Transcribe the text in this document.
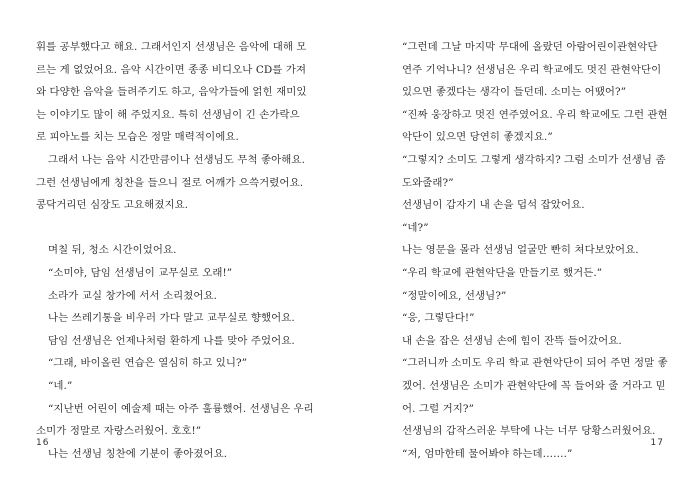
휘를 공부했다고 해요. 그래서인지 선생님은 음악에 대해 모
르는 게 없었어요. 음악 시간이면 종종 비디오나 CD를 가져
와 다양한 음악을 들려주기도 하고, 음악가들에 얽힌 재미있
는 이야기도 많이 해 주었지요. 특히 선생님이 긴 손가락으
로 피아노를 치는 모습은 정말 매력적이에요.
그래서 나는 음악 시간만큼이나 선생님도 무척 좋아해요.
그런 선생님에게 칭찬을 들으니 절로 어깨가 으쓱거렸어요.
콩닥거리던 심장도 고요해졌지요.
며칠 뒤, 청소 시간이었어요.
“소미야, 담임 선생님이 교무실로 오래!”
소라가 교실 창가에 서서 소리쳤어요.
나는 쓰레기통을 비우러 가다 말고 교무실로 향했어요.
담임 선생님은 언제나처럼 환하게 나를 맞아 주었어요.
“그래, 바이올린 연습은 열심히 하고 있니?”
“네.”
“지난번 어린이 예술제 때는 아주 훌륭했어. 선생님은 우리
소미가 정말로 자랑스러웠어. 호호!”
나는 선생님 칭찬에 기분이 좋아졌어요.
16
“그런데 그날 마지막 무대에 올랐던 아람어린이관현악단
연주 기억나니? 선생님은 우리 학교에도 멋진 관현악단이
있으면 좋겠다는 생각이 들던데. 소미는 어땠어?”
“진짜 웅장하고 멋진 연주였어요. 우리 학교에도 그런 관현
악단이 있으면 당연히 좋겠지요.”
“그렇지? 소미도 그렇게 생각하지? 그럼 소미가 선생님 좀
도와줄래?”
선생님이 갑자기 내 손을 덥석 잡았어요.
“네?”
나는 영문을 몰라 선생님 얼굴만 빤히 쳐다보았어요.
“우리 학교에 관현악단을 만들기로 했거든.”
“정말이에요, 선생님?”
“응, 그렇단다!”
내 손을 잡은 선생님 손에 힘이 잔뜩 들어갔어요.
“그러니까 소미도 우리 학교 관현악단이 되어 주면 정말 좋
겠어. 선생님은 소미가 관현악단에 꼭 들어와 줄 거라고 믿
어. 그럴 거지?”
선생님의 갑작스러운 부탁에 나는 너무 당황스러웠어요.
“저, 엄마한테 물어봐야 하는데…….”
17
